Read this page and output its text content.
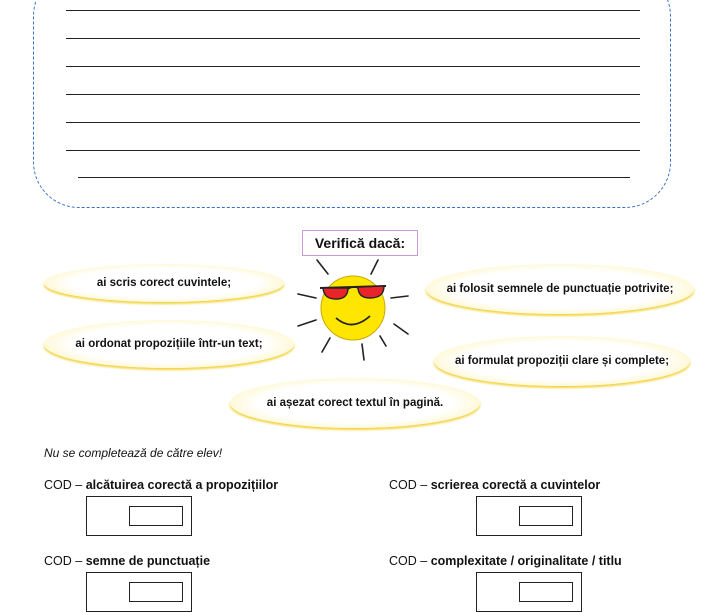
Verifică dacă:
ai scris corect cuvintele;
ai ordonat propozițiile într-un text;
ai așezat corect textul în pagină.
ai folosit semnele de punctuație potrivite;
ai formulat propoziții clare și complete;
Nu se completează de către elev!
COD – alcătuirea corectă a propozițiilor	COD – scrierea corectă a cuvintelor
COD – semne de punctuație	COD – complexitate / originalitate / titlu
